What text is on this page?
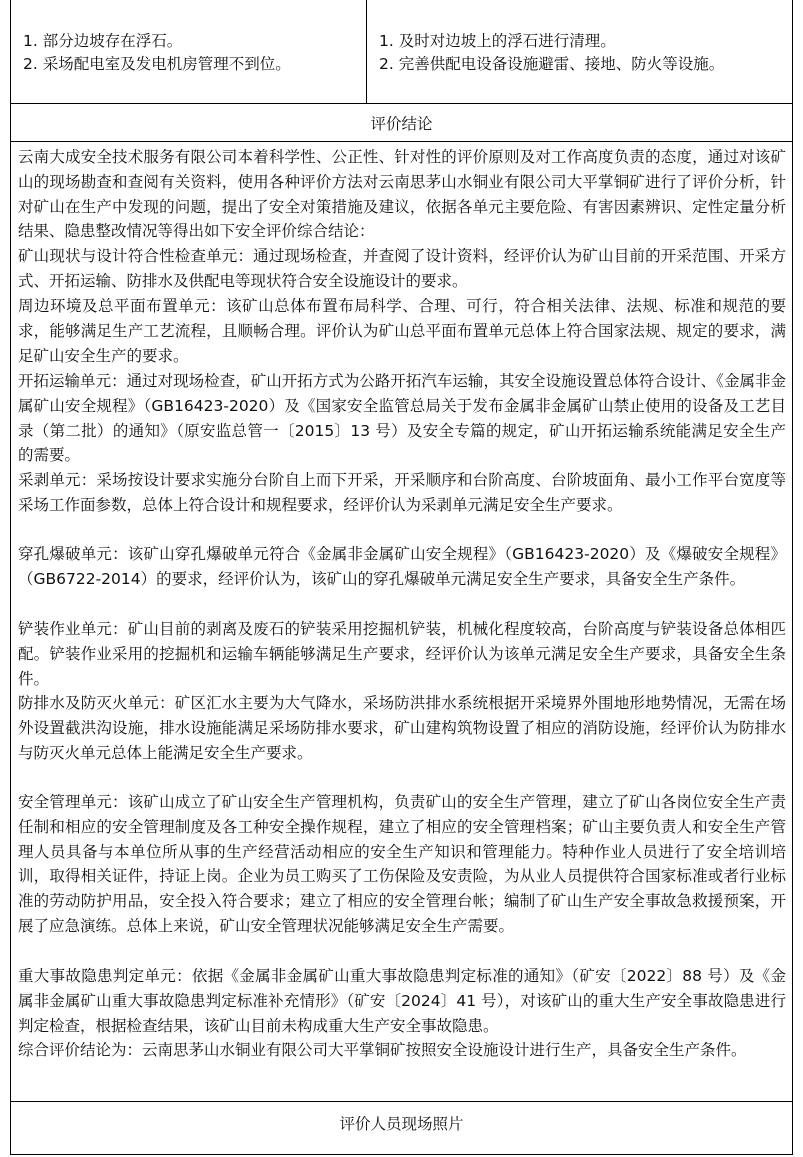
1. 部分边坡存在浮石。
2. 采场配电室及发电机房管理不到位。
1. 及时对边坡上的浮石进行清理。
2. 完善供配电设备设施避雷、接地、防火等设施。
评价结论
云南大成安全技术服务有限公司本着科学性、公正性、针对性的评价原则及对工作高度负责的态度，通过对该矿山的现场勘查和查阅有关资料，使用各种评价方法对云南思茅山水铜业有限公司大平掌铜矿进行了评价分析，针对矿山在生产中发现的问题，提出了安全对策措施及建议，依据各单元主要危险、有害因素辨识、定性定量分析结果、隐患整改情况等得出如下安全评价综合结论：
矿山现状与设计符合性检查单元：通过现场检查，并查阅了设计资料，经评价认为矿山目前的开采范围、开采方式、开拓运输、防排水及供配电等现状符合安全设施设计的要求。
周边环境及总平面布置单元：该矿山总体布置布局科学、合理、可行，符合相关法律、法规、标准和规范的要求，能够满足生产工艺流程，且顺畅合理。评价认为矿山总平面布置单元总体上符合国家法规、规定的要求，满足矿山安全生产的要求。
开拓运输单元：通过对现场检查，矿山开拓方式为公路开拓汽车运输，其安全设施设置总体符合设计、《金属非金属矿山安全规程》（GB16423-2020）及《国家安全监管总局关于发布金属非金属矿山禁止使用的设备及工艺目录（第二批）的通知》（原安监总管一〔2015〕13 号）及安全专篇的规定，矿山开拓运输系统能满足安全生产的需要。
采剥单元：采场按设计要求实施分台阶自上而下开采，开采顺序和台阶高度、台阶坡面角、最小工作平台宽度等采场工作面参数，总体上符合设计和规程要求，经评价认为采剥单元满足安全生产要求。
穿孔爆破单元：该矿山穿孔爆破单元符合《金属非金属矿山安全规程》（GB16423-2020）及《爆破安全规程》（GB6722-2014）的要求，经评价认为，该矿山的穿孔爆破单元满足安全生产要求，具备安全生产条件。
铲装作业单元：矿山目前的剥离及废石的铲装采用挖掘机铲装，机械化程度较高，台阶高度与铲装设备总体相匹配。铲装作业采用的挖掘机和运输车辆能够满足生产要求，经评价认为该单元满足安全生产要求，具备安全生条件。
防排水及防灭火单元：矿区汇水主要为大气降水，采场防洪排水系统根据开采境界外围地形地势情况，无需在场外设置截洪沟设施，排水设施能满足采场防排水要求，矿山建构筑物设置了相应的消防设施，经评价认为防排水与防灭火单元总体上能满足安全生产要求。
安全管理单元：该矿山成立了矿山安全生产管理机构，负责矿山的安全生产管理，建立了矿山各岗位安全生产责任制和相应的安全管理制度及各工种安全操作规程，建立了相应的安全管理档案；矿山主要负责人和安全生产管理人员具备与本单位所从事的生产经营活动相应的安全生产知识和管理能力。特种作业人员进行了安全培训培训，取得相关证件，持证上岗。企业为员工购买了工伤保险及安责险，为从业人员提供符合国家标准或者行业标准的劳动防护用品，安全投入符合要求；建立了相应的安全管理台帐；编制了矿山生产安全事故急救援预案，开展了应急演练。总体上来说，矿山安全管理状况能够满足安全生产需要。
重大事故隐患判定单元：依据《金属非金属矿山重大事故隐患判定标准的通知》（矿安〔2022〕88 号）及《金属非金属矿山重大事故隐患判定标准补充情形》（矿安〔2024〕41 号），对该矿山的重大生产安全事故隐患进行判定检查，根据检查结果，该矿山目前未构成重大生产安全事故隐患。
综合评价结论为：云南思茅山水铜业有限公司大平掌铜矿按照安全设施设计进行生产，具备安全生产条件。
评价人员现场照片
